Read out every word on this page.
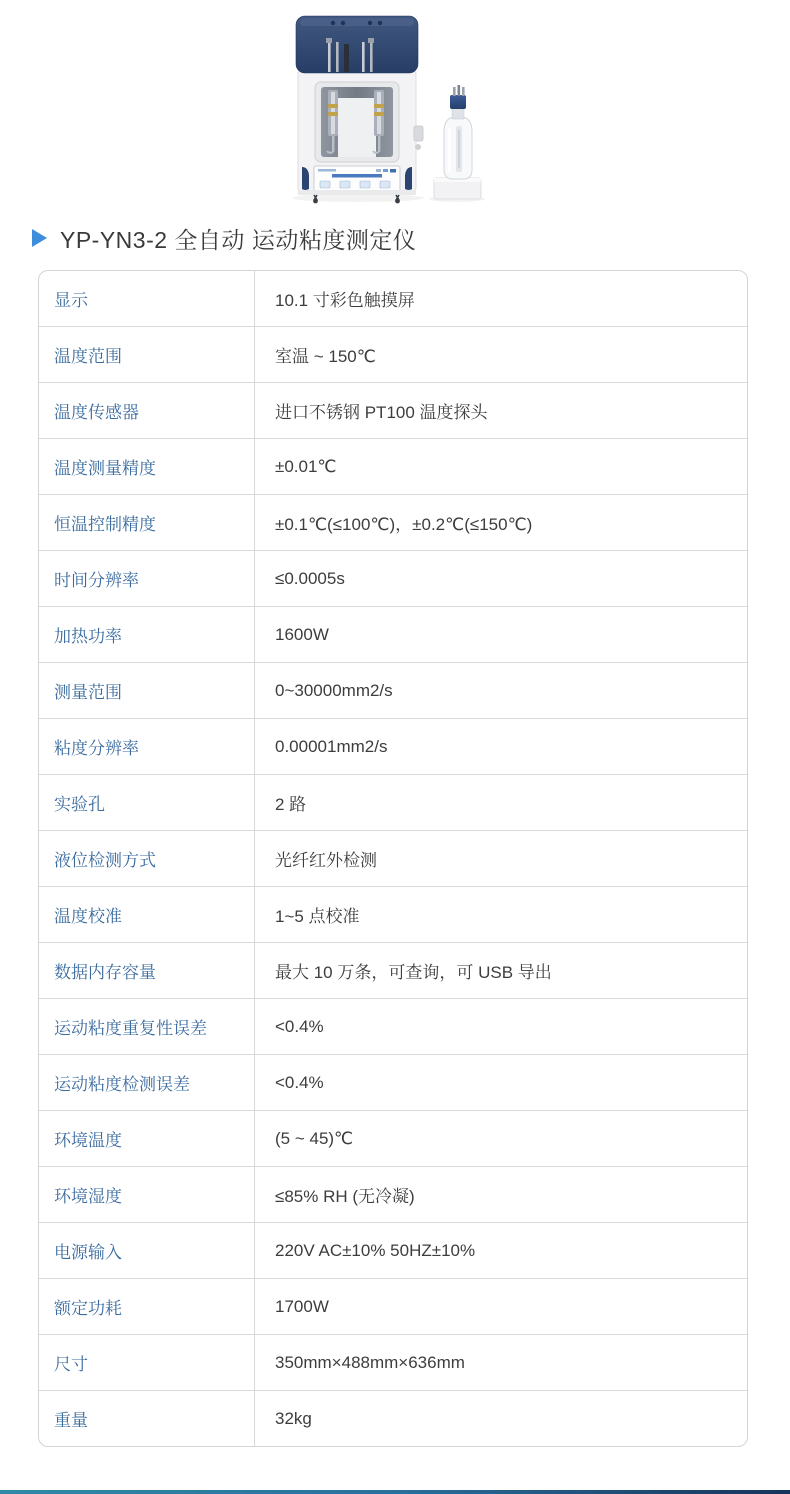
YP-YN3-2 全自动 运动粘度测定仪
显示	10.1 寸彩色触摸屏
温度范围	室温 ~ 150℃
温度传感器	进口不锈钢 PT100 温度探头
温度测量精度	±0.01℃
恒温控制精度	±0.1℃(≤100℃)，±0.2℃(≤150℃)
时间分辨率	≤0.0005s
加热功率	1600W
测量范围	0~30000mm2/s
粘度分辨率	0.00001mm2/s
实验孔	2 路
液位检测方式	光纤红外检测
温度校准	1~5 点校准
数据内存容量	最大 10 万条，可查询，可 USB 导出
运动粘度重复性误差	<0.4%
运动粘度检测误差	<0.4%
环境温度	(5 ~ 45)℃
环境湿度	≤85% RH (无冷凝)
电源输入	220V AC±10% 50HZ±10%
额定功耗	1700W
尺寸	350mm×488mm×636mm
重量	32kg
